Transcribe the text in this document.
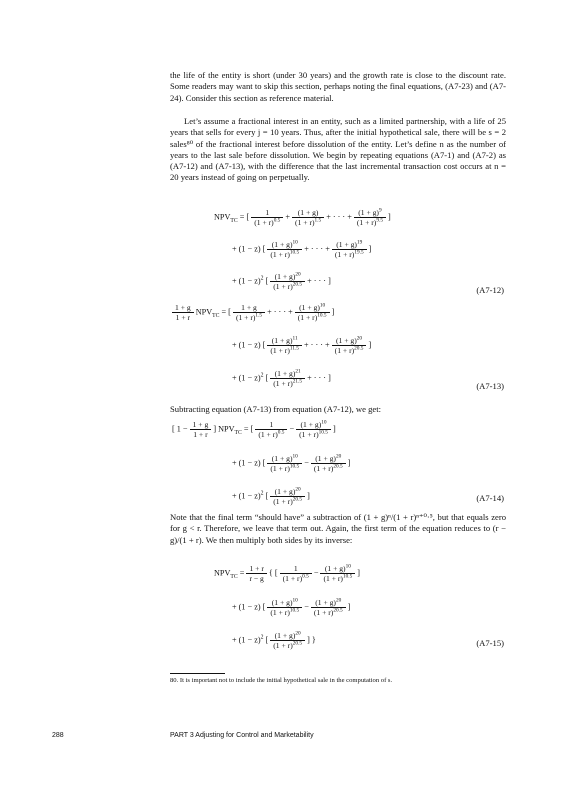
the life of the entity is short (under 30 years) and the growth rate is close to the discount rate. Some readers may want to skip this section, perhaps noting the final equations, (A7-23) and (A7-24). Consider this section as reference material.

Let’s assume a fractional interest in an entity, such as a limited partnership, with a life of 25 years that sells for every j = 10 years. Thus, after the initial hypothetical sale, there will be s = 2 sales⁸⁰ of the fractional interest before dissolution of the entity. Let’s define n as the number of years to the last sale before dissolution. We begin by repeating equations (A7-1) and (A7-2) as (A7-12) and (A7-13), with the difference that the last incremental transaction cost occurs at n = 20 years instead of going on perpetually.

$NPV_{TC}$ = [ $\frac{1}{(1 + r)^{0.5}} + \frac{(1 + g)}{(1 + r)^{1.5}}$ + · · · + $\frac{(1 + g)^9}{(1 + r)^{9.5}}$ ]
+ (1 − z) [ $\frac{(1 + g)^{10}}{(1 + r)^{10.5}}$ + · · · + $\frac{(1 + g)^{19}}{(1 + r)^{19.5}}$ ]
+ $(1 - z)^2$ [ $\frac{(1 + g)^{20}}{(1 + r)^{20.5}}$ + · · · ]
(A7-12)
$\frac{1 + g}{1 + r} NPV_{TC}$ = [ $\frac{1 + g}{(1 + r)^{1.5}}$ + · · · + $\frac{(1 + g)^{10}}{(1 + r)^{10.5}}$ ]
+ (1 − z) [ $\frac{(1 + g)^{11}}{(1 + r)^{11.5}}$ + · · · + $\frac{(1 + g)^{20}}{(1 + r)^{20.5}}$ ]
+ $(1 - z)^2$ [ $\frac{(1 + g)^{21}}{(1 + r)^{21.5}}$ + · · · ]
(A7-13)

Subtracting equation (A7-13) from equation (A7-12), we get:

[ $1 - \frac{1 + g}{1 + r}$ ] $NPV_{TC}$ = [ $\frac{1}{(1 + r)^{0.5}} - \frac{(1 + g)^{10}}{(1 + r)^{10.5}}$ ]
+ (1 − z) [ $\frac{(1 + g)^{10}}{(1 + r)^{10.5}} - \frac{(1 + g)^{20}}{(1 + r)^{20.5}}$ ]
+ $(1 - z)^2$ [ $\frac{(1 + g)^{20}}{(1 + r)^{20.5}}$ ]	(A7-14)

Note that the final term “should have” a subtraction of (1 + g)ⁿ/(1 + r)ⁿ⁺⁰·⁵, but that equals zero for g < r. Therefore, we leave that term out. Again, the first term of the equation reduces to (r − g)/(1 + r). We then multiply both sides by its inverse:

$NPV_{TC} = \frac{1 + r}{r - g}$ { [ $\frac{1}{(1 + r)^{0.5}} - \frac{(1 + g)^{10}}{(1 + r)^{10.5}}$ ]
+ (1 − z) [ $\frac{(1 + g)^{10}}{(1 + r)^{10.5}} - \frac{(1 + g)^{20}}{(1 + r)^{20.5}}$ ]
+ $(1 - z)^2$ [ $\frac{(1 + g)^{20}}{(1 + r)^{20.5}}$ ] }	(A7-15)
80. It is important not to include the initial hypothetical sale in the computation of s.
288	PART 3 Adjusting for Control and Marketability
